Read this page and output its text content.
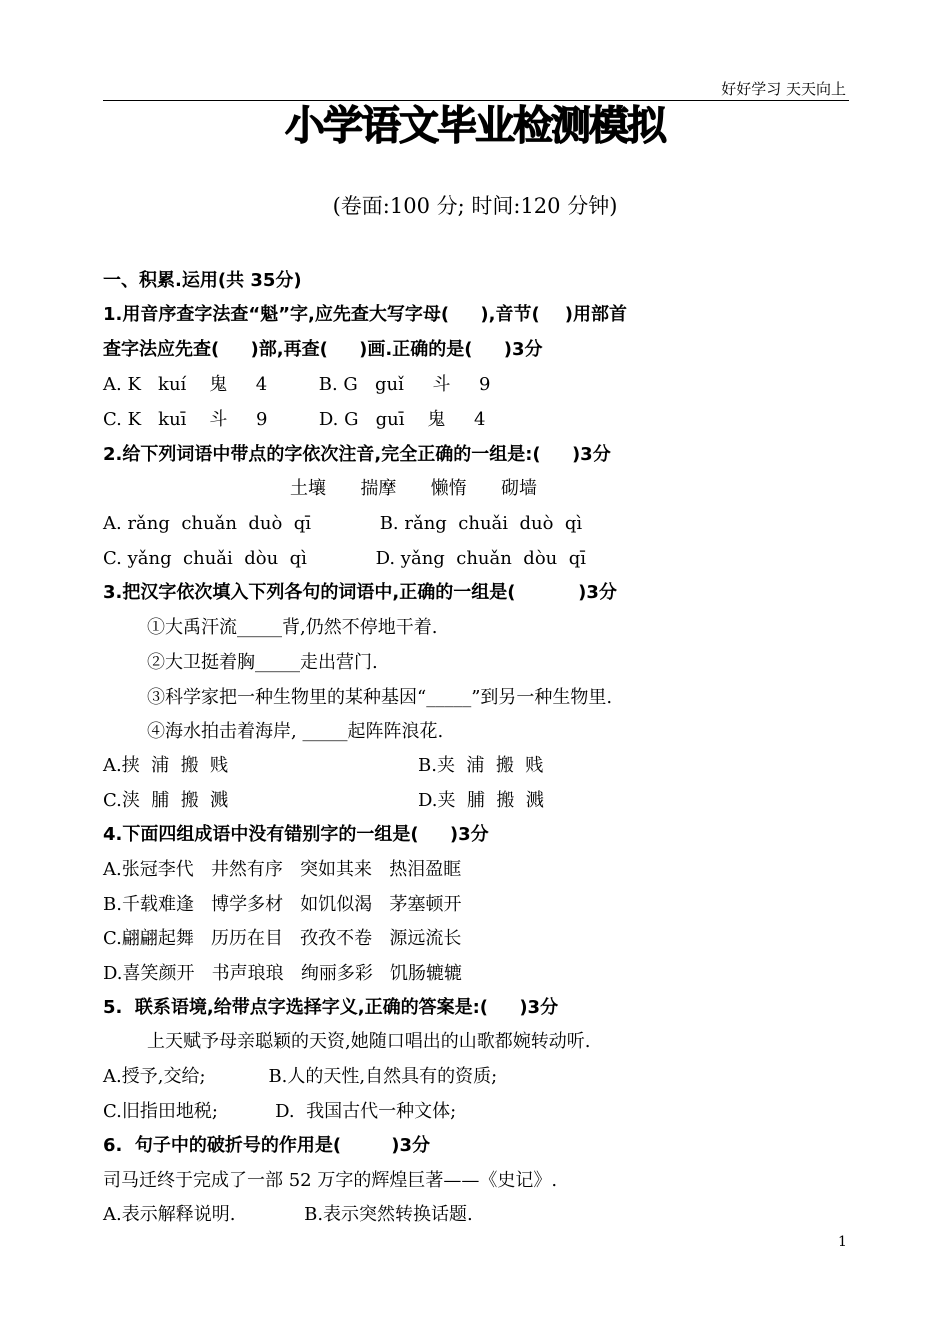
好好学习 天天向上
小学语文毕业检测模拟
(卷面:100 分; 时间:120 分钟)
一、积累.运用(共 35分)
1.用音序查字法查“魁”字,应先查大写字母(     ),音节(    )用部首
查字法应先查(     )部,再查(     )画.正确的是(     )3分
A. K   kuí    鬼     4         B. G   guǐ     斗     9
C. K   kuī    斗     9         D. G   guī    鬼     4
2.给下列词语中带点的字依次注音,完全正确的一组是:(     )3分
土壤      揣摩      懒惰      砌墙
A. rǎng  chuǎn  duò  qī            B. rǎng  chuǎi  duò  qì
C. yǎng  chuǎi  dòu  qì            D. yǎng  chuǎn  dòu  qī
3.把汉字依次填入下列各句的词语中,正确的一组是(          )3分
①大禹汗流_____背,仍然不停地干着.
②大卫挺着胸_____走出营门.
③科学家把一种生物里的某种基因“_____”到另一种生物里.
④海水拍击着海岸, _____起阵阵浪花.
A.挟  浦  搬  贱	B.夹  浦  搬  贱
C.浃  脯  搬  溅	D.夹  脯  搬  溅
4.下面四组成语中没有错别字的一组是(     )3分
A.张冠李代   井然有序   突如其来   热泪盈眶
B.千载难逢   博学多材   如饥似渴   茅塞顿开
C.翩翩起舞   历历在目   孜孜不卷   源远流长
D.喜笑颜开   书声琅琅   绚丽多彩   饥肠辘辘
5.  联系语境,给带点字选择字义,正确的答案是:(     )3分
上天赋予母亲聪颖的天资,她随口唱出的山歌都婉转动听.
A.授予,交给;           B.人的天性,自然具有的资质;
C.旧指田地税;          D.  我国古代一种文体;
6.  句子中的破折号的作用是(        )3分
司马迁终于完成了一部 52 万字的辉煌巨著——《史记》.
A.表示解释说明.            B.表示突然转换话题.
1
